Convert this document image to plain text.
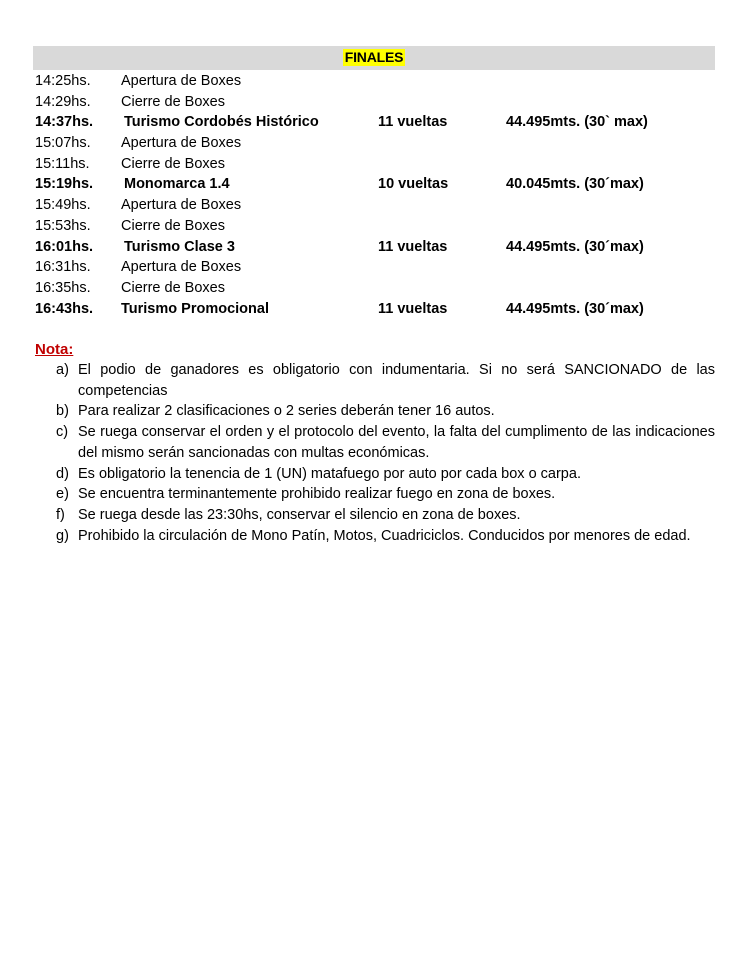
FINALES
14:25hs. Apertura de Boxes
14:29hs. Cierre de Boxes
14:37hs. Turismo Cordobés Histórico	11 vueltas	44.495mts. (30` max)
15:07hs. Apertura de Boxes
15:11hs. Cierre de Boxes
15:19hs. Monomarca 1.4	10 vueltas	40.045mts. (30´max)
15:49hs. Apertura de Boxes
15:53hs. Cierre de Boxes
16:01hs. Turismo Clase 3	11 vueltas	44.495mts. (30´max)
16:31hs. Apertura de Boxes
16:35hs. Cierre de Boxes
16:43hs. Turismo Promocional	11 vueltas	44.495mts. (30´max)
Nota:
a) El podio de ganadores es obligatorio con indumentaria. Si no será SANCIONADO de las competencias
b) Para realizar 2 clasificaciones o 2 series deberán tener 16 autos.
c) Se ruega conservar el orden y el protocolo del evento, la falta del cumplimento de las indicaciones del mismo serán sancionadas con multas económicas.
d) Es obligatorio la tenencia de 1 (UN) matafuego por auto por cada box o carpa.
e) Se encuentra terminantemente prohibido realizar fuego en zona de boxes.
f) Se ruega desde las 23:30hs, conservar el silencio en zona de boxes.
g) Prohibido la circulación de Mono Patín, Motos, Cuadriciclos. Conducidos por menores de edad.
